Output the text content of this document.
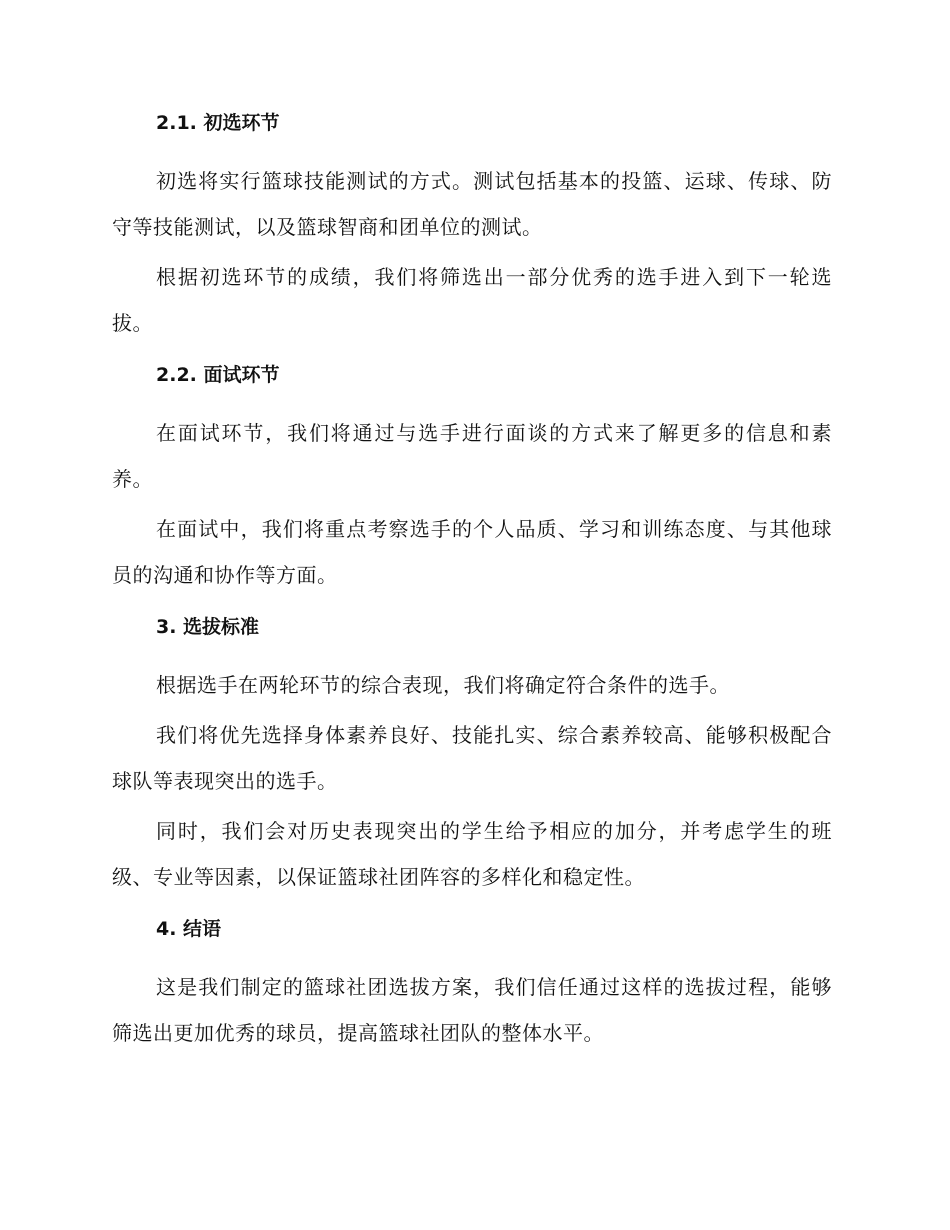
2.1. 初选环节

初选将实行篮球技能测试的方式。测试包括基本的投篮、运球、传球、防守等技能测试，以及篮球智商和团单位的测试。

根据初选环节的成绩，我们将筛选出一部分优秀的选手进入到下一轮选拔。

2.2. 面试环节

在面试环节，我们将通过与选手进行面谈的方式来了解更多的信息和素养。

在面试中，我们将重点考察选手的个人品质、学习和训练态度、与其他球员的沟通和协作等方面。

3. 选拔标准

根据选手在两轮环节的综合表现，我们将确定符合条件的选手。

我们将优先选择身体素养良好、技能扎实、综合素养较高、能够积极配合球队等表现突出的选手。

同时，我们会对历史表现突出的学生给予相应的加分，并考虑学生的班级、专业等因素，以保证篮球社团阵容的多样化和稳定性。

4. 结语

这是我们制定的篮球社团选拔方案，我们信任通过这样的选拔过程，能够筛选出更加优秀的球员，提高篮球社团队的整体水平。
